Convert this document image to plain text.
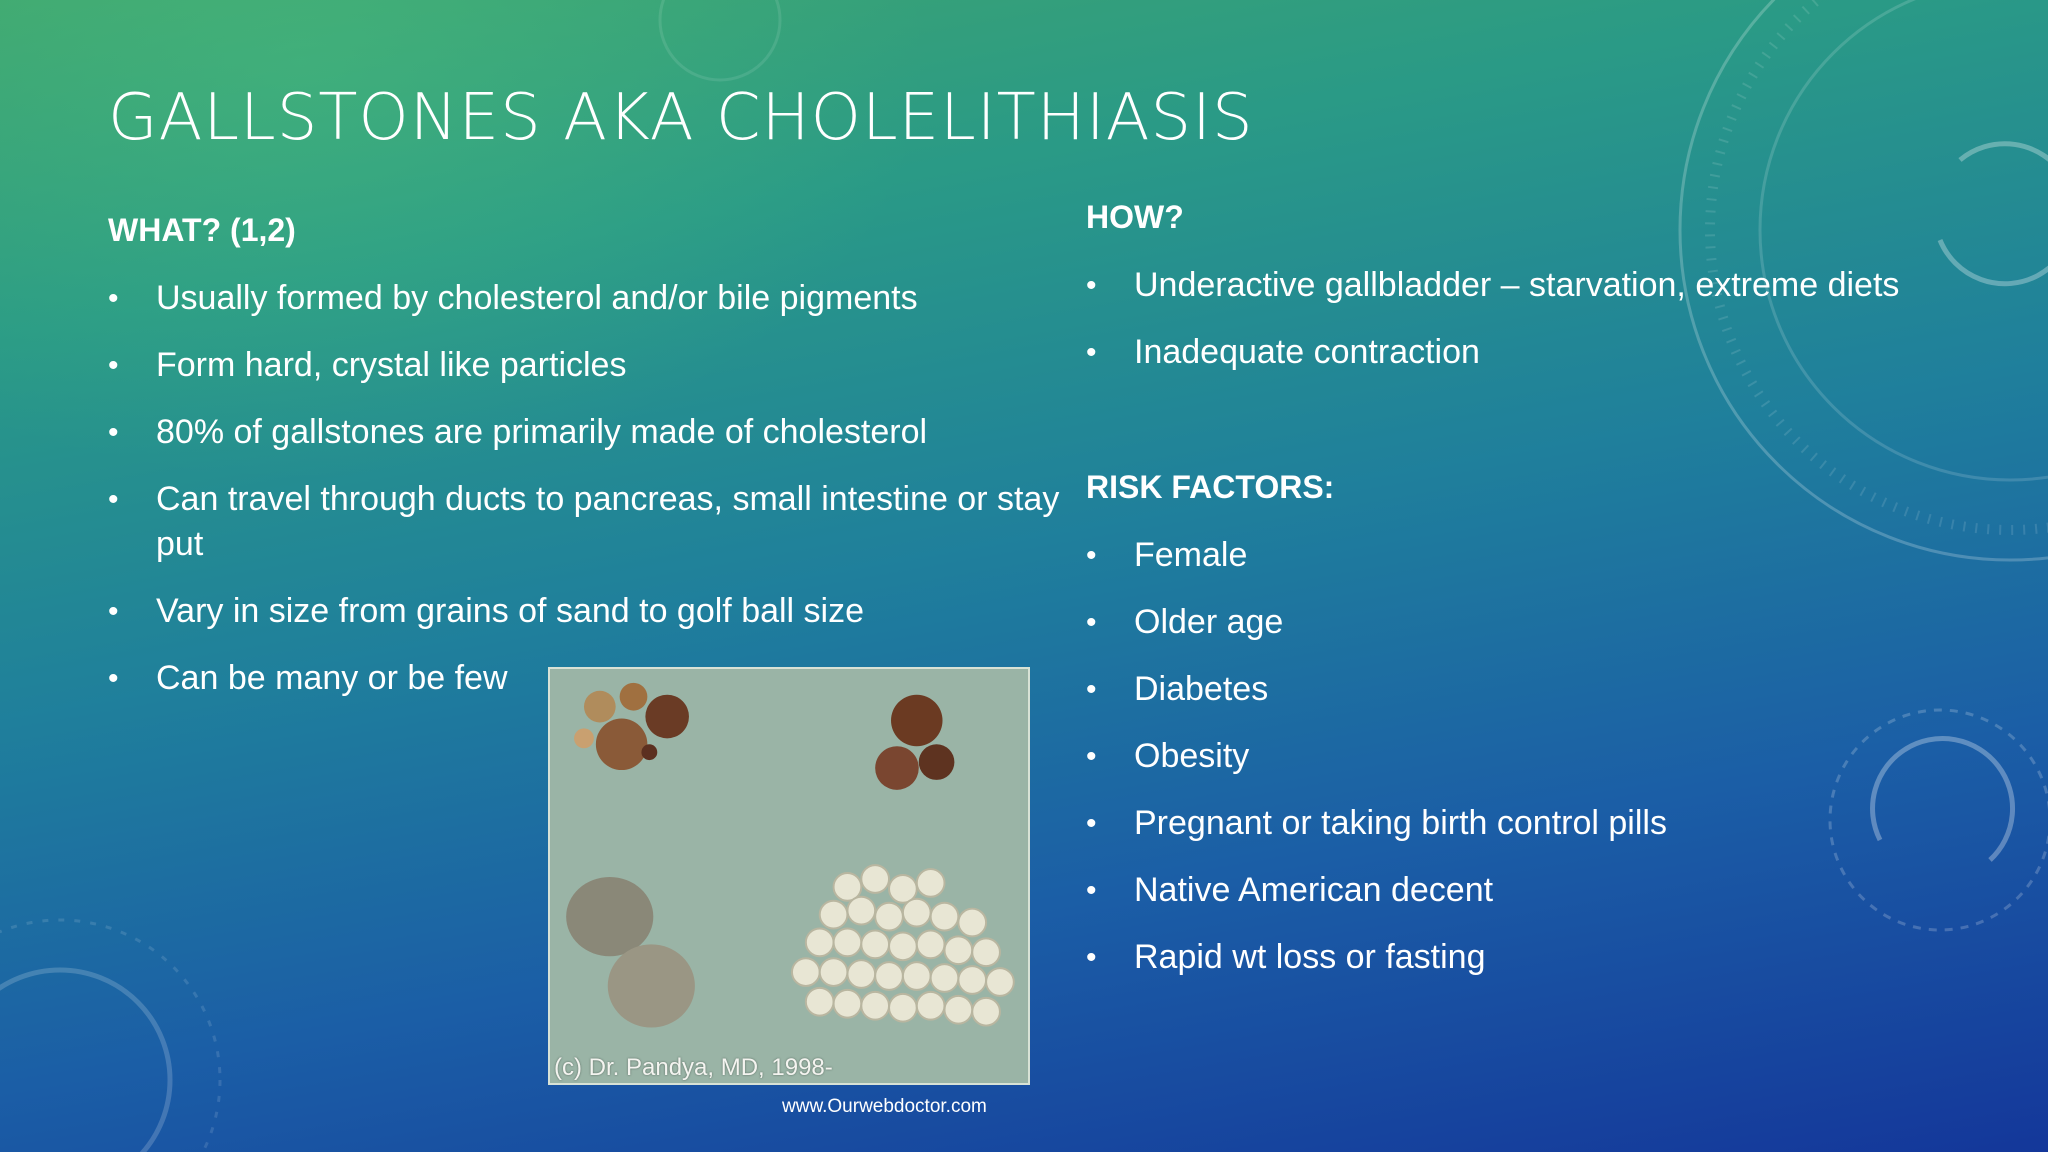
GALLSTONES AKA CHOLELITHIASIS
WHAT? (1,2)
• Usually formed by cholesterol and/or bile pigments
• Form hard, crystal like particles
• 80% of gallstones are primarily made of cholesterol
• Can travel through ducts to pancreas, small intestine or stay put
• Vary in size from grains of sand to golf ball size
• Can be many or be few
HOW?
• Underactive gallbladder – starvation, extreme diets
• Inadequate contraction
RISK FACTORS:
• Female
• Older age
• Diabetes
• Obesity
• Pregnant or taking birth control pills
• Native American decent
• Rapid wt loss or fasting
(c) Dr. Pandya, MD, 1998-
www.Ourwebdoctor.com
